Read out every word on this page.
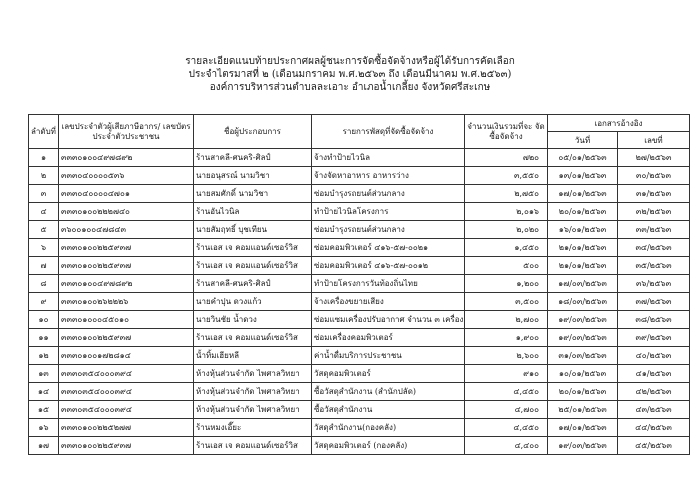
รายละเอียดแนบท้ายประกาศผลผู้ชนะการจัดซื้อจัดจ้างหรือผู้ได้รับการคัดเลือก
ประจำไตรมาสที่ ๒ (เดือนมกราคม พ.ศ.๒๕๖๓ ถึง เดือนมีนาคม พ.ศ.๒๕๖๓)
องค์การบริหารส่วนตำบลละเอาะ อำเภอน้ำเกลี้ยง จังหวัดศรีสะเกษ
ลำดับที่	เลขประจำตัวผู้เสียภาษีอากร/ เลขบัตรประจำตัวประชาชน	ชื่อผู้ประกอบการ	รายการพัสดุที่จัดซื้อจัดจ้าง	จำนวนเงินรวมที่จะ จัดซื้อจัดจ้าง	เอกสารอ้างอิง	
					วันที่	เลขที่
๑	๓๓๓๐๑๐๐๔๙๗๘๙๒	ร้านสาคลี-ศนคริ-ศิลป์	จ้างทำป้ายไวนิล	๗๒๐	๐๕/๐๑/๒๕๖๓	๒๗/๒๕๖๓
๒	๓๓๓๐๔๐๐๐๐๕๓๖	นายอนุสรณ์ นามวิชา	จ้างจัดหาอาหาร อาหารว่าง	๓,๕๕๐	๑๓/๐๑/๒๕๖๓	๓๐/๒๕๖๓
๓	๓๓๓๐๔๐๐๐๐๔๗๐๑	นายสมศักดิ์ นามวิชา	ซ่อมบำรุงรถยนต์ส่วนกลาง	๒,๗๕๐	๑๗/๐๑/๒๕๖๓	๓๑/๒๕๖๓
๔	๓๓๓๐๑๐๐๒๒๒๗๔๐	ร้านอันไวนิล	ทำป้ายไวนิลโครงการ	๒,๐๑๖	๒๐/๐๑/๒๕๖๓	๓๒/๒๕๖๓
๕	๓๖๐๐๑๐๐๔๗๘๔๓	นายสัมฤทธิ์ บุชเทียน	ซ่อมบำรุงรถยนต์ส่วนกลาง	๒,๐๒๐	๑๖/๐๑/๒๕๖๓	๓๓/๒๕๖๓
๖	๓๓๓๐๑๐๐๒๒๕๙๓๗	ร้านเอส เจ คอมแอนด์เซอร์วิส	ซ่อมคอมพิวเตอร์ ๔๑๖-๕๗-๐๐๒๑	๑,๔๕๐	๒๑/๐๑/๒๕๖๓	๓๔/๒๕๖๓
๗	๓๓๓๐๑๐๐๒๒๕๙๓๗	ร้านเอส เจ คอมแอนด์เซอร์วิส	ซ่อมคอมพิวเตอร์ ๔๑๖-๕๗-๐๐๑๒	๕๐๐	๒๑/๐๑/๒๕๖๓	๓๕/๒๕๖๓
๘	๓๓๓๐๑๐๐๔๙๗๘๙๒	ร้านสาคลี-ศนคริ-ศิลป์	ทำป้ายโครงการวันท้องถิ่นไทย	๑,๒๐๐	๑๗/๐๓/๒๕๖๓	๓๖/๒๕๖๓
๙	๓๓๓๐๑๐๐๒๖๒๒๒๖	นายคำปุน ดวงแก้ว	จ้างเครื่องขยายเสียง	๓,๕๐๐	๑๘/๐๓/๒๕๖๓	๓๗/๒๕๖๓
๑๐	๓๓๓๐๑๐๐๐๔๕๐๑๐	นายวินชัย น้ำดวง	ซ่อมแซมเครื่องปรับอากาศ จำนวน ๓ เครื่อง	๒,๗๐๐	๑๙/๐๓/๒๕๖๓	๓๘/๒๕๖๓
๑๑	๓๓๓๐๑๐๐๒๒๕๙๓๗	ร้านเอส เจ คอมแอนด์เซอร์วิส	ซ่อมเครื่องคอมพิวเตอร์	๑,๙๐๐	๑๙/๐๓/๒๕๖๓	๓๙/๒๕๖๓
๑๒	๓๓๓๐๑๐๐๑๗๒๘๑๔	นั้าทิ้มเฮียหลี	ค่าน้ำดื่มบริการประชาชน	๒,๖๐๐	๓๑/๐๓/๒๕๖๓	๔๐/๒๕๖๓
๑๓	๓๓๓๐๓๕๔๐๐๐๓๙๔	ห้างหุ้นส่วนจำกัด ไพศาลวิทยา	วัสดุคอมพิวเตอร์	๙๑๐	๑๐/๐๑/๒๕๖๓	๔๑/๒๕๖๓
๑๔	๓๓๓๐๓๕๔๐๐๐๓๙๔	ห้างหุ้นส่วนจำกัด ไพศาลวิทยา	ซื้อวัสดุสำนักงาน (สำนักปลัด)	๔,๔๕๐	๒๐/๐๑/๒๕๖๓	๔๒/๒๕๖๓
๑๕	๓๓๓๐๓๕๔๐๐๐๓๙๔	ห้างหุ้นส่วนจำกัด ไพศาลวิทยา	ซื้อวัสดุสำนักงาน	๔,๗๐๐	๒๕/๐๑/๒๕๖๓	๔๓/๒๕๖๓
๑๖	๓๓๓๐๑๐๐๒๒๕๒๗๗	ร้านหมงเอี๊ยะ	วัสดุสำนักงาน(กองคลัง)	๔,๔๕๐	๑๗/๐๑/๒๕๖๓	๔๔/๒๕๖๓
๑๗	๓๓๓๐๑๐๐๒๒๕๙๓๗	ร้านเอส เจ คอมแอนด์เซอร์วิส	วัสดุคอมพิวเตอร์ (กองคลัง)	๔,๔๐๐	๑๙/๐๓/๒๕๖๓	๔๕/๒๕๖๓
